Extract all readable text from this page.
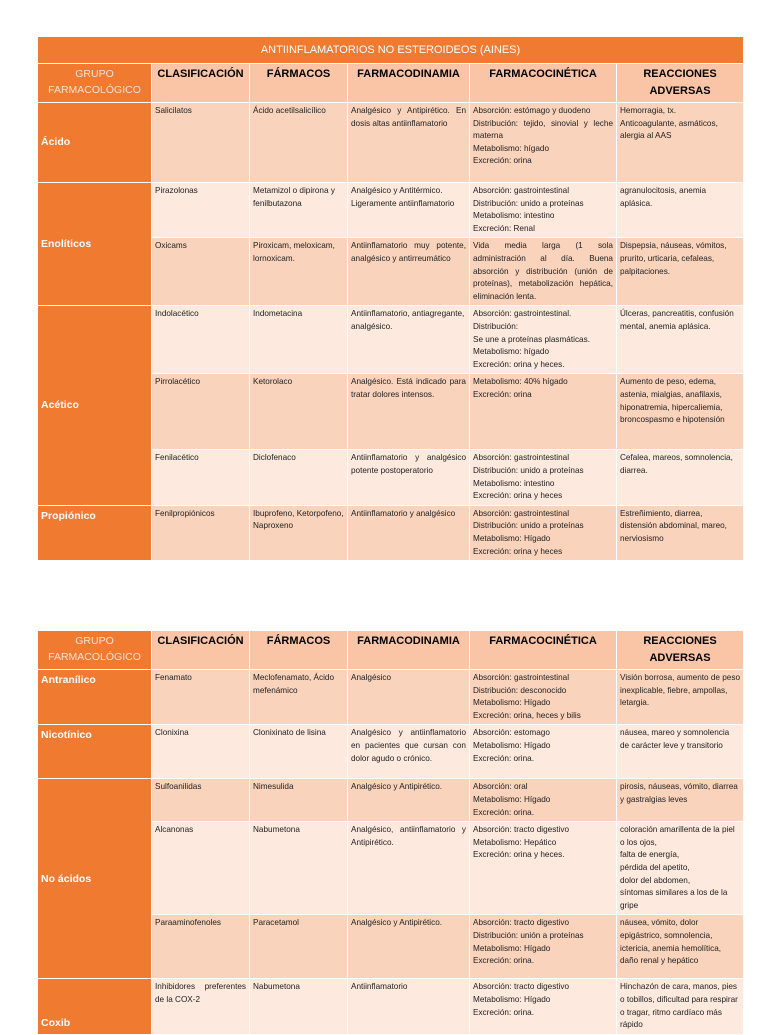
ANTIINFLAMATORIOS NO ESTEROIDEOS (AINES)					
GRUPO FARMACOLÓGICO	CLASIFICACIÓN	FÁRMACOS	FARMACODINAMIA	FARMACOCINÉTICA	REACCIONES ADVERSAS
Ácido	Salicilatos	Ácido acetilsalicílico	Analgésico y Antipirético. En dosis altas antiinflamatorio	Absorción: estómago y duodeno
Distribución: tejido, sinovial y leche materna
Metabolismo: hígado
Excreción: orina	Hemorragia, tx.
Anticoagulante, asmáticos, alergia al AAS
Enolíticos	Pirazolonas	Metamizol o dipirona y fenilbutazona	Analgésico y Antitérmico. Ligeramente antiinflamatorio	Absorción: gastrointestinal
Distribución: unido a proteínas
Metabolismo: intestino
Excreción: Renal	agranulocitosis, anemia aplásica.
	Oxicams	Piroxicam, meloxicam, lornoxicam.	Antiinflamatorio muy potente, analgésico y antirreumático	Vida media larga (1 sola administración al día. Buena absorción y distribución (unión de proteínas), metabolización hepática, eliminación lenta.	Dispepsia, náuseas, vómitos, prurito, urticaria, cefaleas, palpitaciones.
Acético	Indolacético	Indometacina	Antiinflamatorio, antiagregante, analgésico.	Absorción: gastrointestinal.
Distribución:
Se une a proteínas plasmáticas.
Metabolismo: hígado
Excreción: orina y heces.	Úlceras, pancreatitis, confusión mental, anemia aplásica.
	Pirrolacético	Ketorolaco	Analgésico. Está indicado para tratar dolores intensos.	Metabolismo: 40% hígado
Excreción: orina	Aumento de peso, edema, astenia, mialgias, anafilaxis, hiponatremia, hipercaliemia, broncospasmo e hipotensión
	Fenilacético	Diclofenaco	Antiinflamatorio y analgésico potente postoperatorio	Absorción: gastrointestinal
Distribución: unido a proteínas
Metabolismo: intestino
Excreción: orina y heces	Cefalea, mareos, somnolencia, diarrea.
Propiónico	Fenilpropiónicos	Ibuprofeno, Ketorpofeno, Naproxeno	Antiinflamatorio y analgésico	Absorción: gastrointestinal
Distribución: unido a proteínas
Metabolismo: Hígado
Excreción: orina y heces	Estreñimiento, diarrea, distensión abdominal, mareo, nerviosismo
GRUPO FARMACOLÓGICO	CLASIFICACIÓN	FÁRMACOS	FARMACODINAMIA	FARMACOCINÉTICA	REACCIONES ADVERSAS
Antranílico	Fenamato	Meclofenamato, Ácido mefenámico	Analgésico	Absorción: gastrointestinal
Distribución: desconocido
Metabolismo: Hígado
Excreción: orina, heces y bilis	Visión borrosa, aumento de peso inexplicable, fiebre, ampollas, letargia.
Nicotínico	Clonixina	Clonixinato de lisina	Analgésico y antiinflamatorio en pacientes que cursan con dolor agudo o crónico.	Absorción: estomago
Metabolismo: Hígado
Excreción: orina.	náusea, mareo y somnolencia de carácter leve y transitorio
No ácidos	Sulfoanilidas	Nimesulida	Analgésico y Antipirético.	Absorción: oral
Metabolismo: Hígado
Excreción: orina.	pirosis, náuseas, vómito, diarrea y gastralgias leves
	Alcanonas	Nabumetona	Analgésico, antiinflamatorio y Antipirético.	Absorción: tracto digestivo
Metabolismo: Hepático
Excreción: orina y heces.	coloración amarillenta de la piel o los ojos,
falta de energía,
pérdida del apetito,
dolor del abdomen,
síntomas similares a los de la gripe
	Paraaminofenoles	Paracetamol	Analgésico y Antipirético.	Absorción: tracto digestivo
Distribución: unión a proteínas
Metabolismo: Hígado
Excreción: orina.	náusea, vómito, dolor epigástrico, somnolencia, ictericia, anemia hemolítica, daño renal y hepático
Coxib	Inhibidores preferentes de la COX-2	Nabumetona	Antiinflamatorio	Absorción: tracto digestivo
Metabolismo: Hígado
Excreción: orina.	Hinchazón de cara, manos, pies o tobillos, dificultad para respirar o tragar, ritmo cardíaco más rápido
